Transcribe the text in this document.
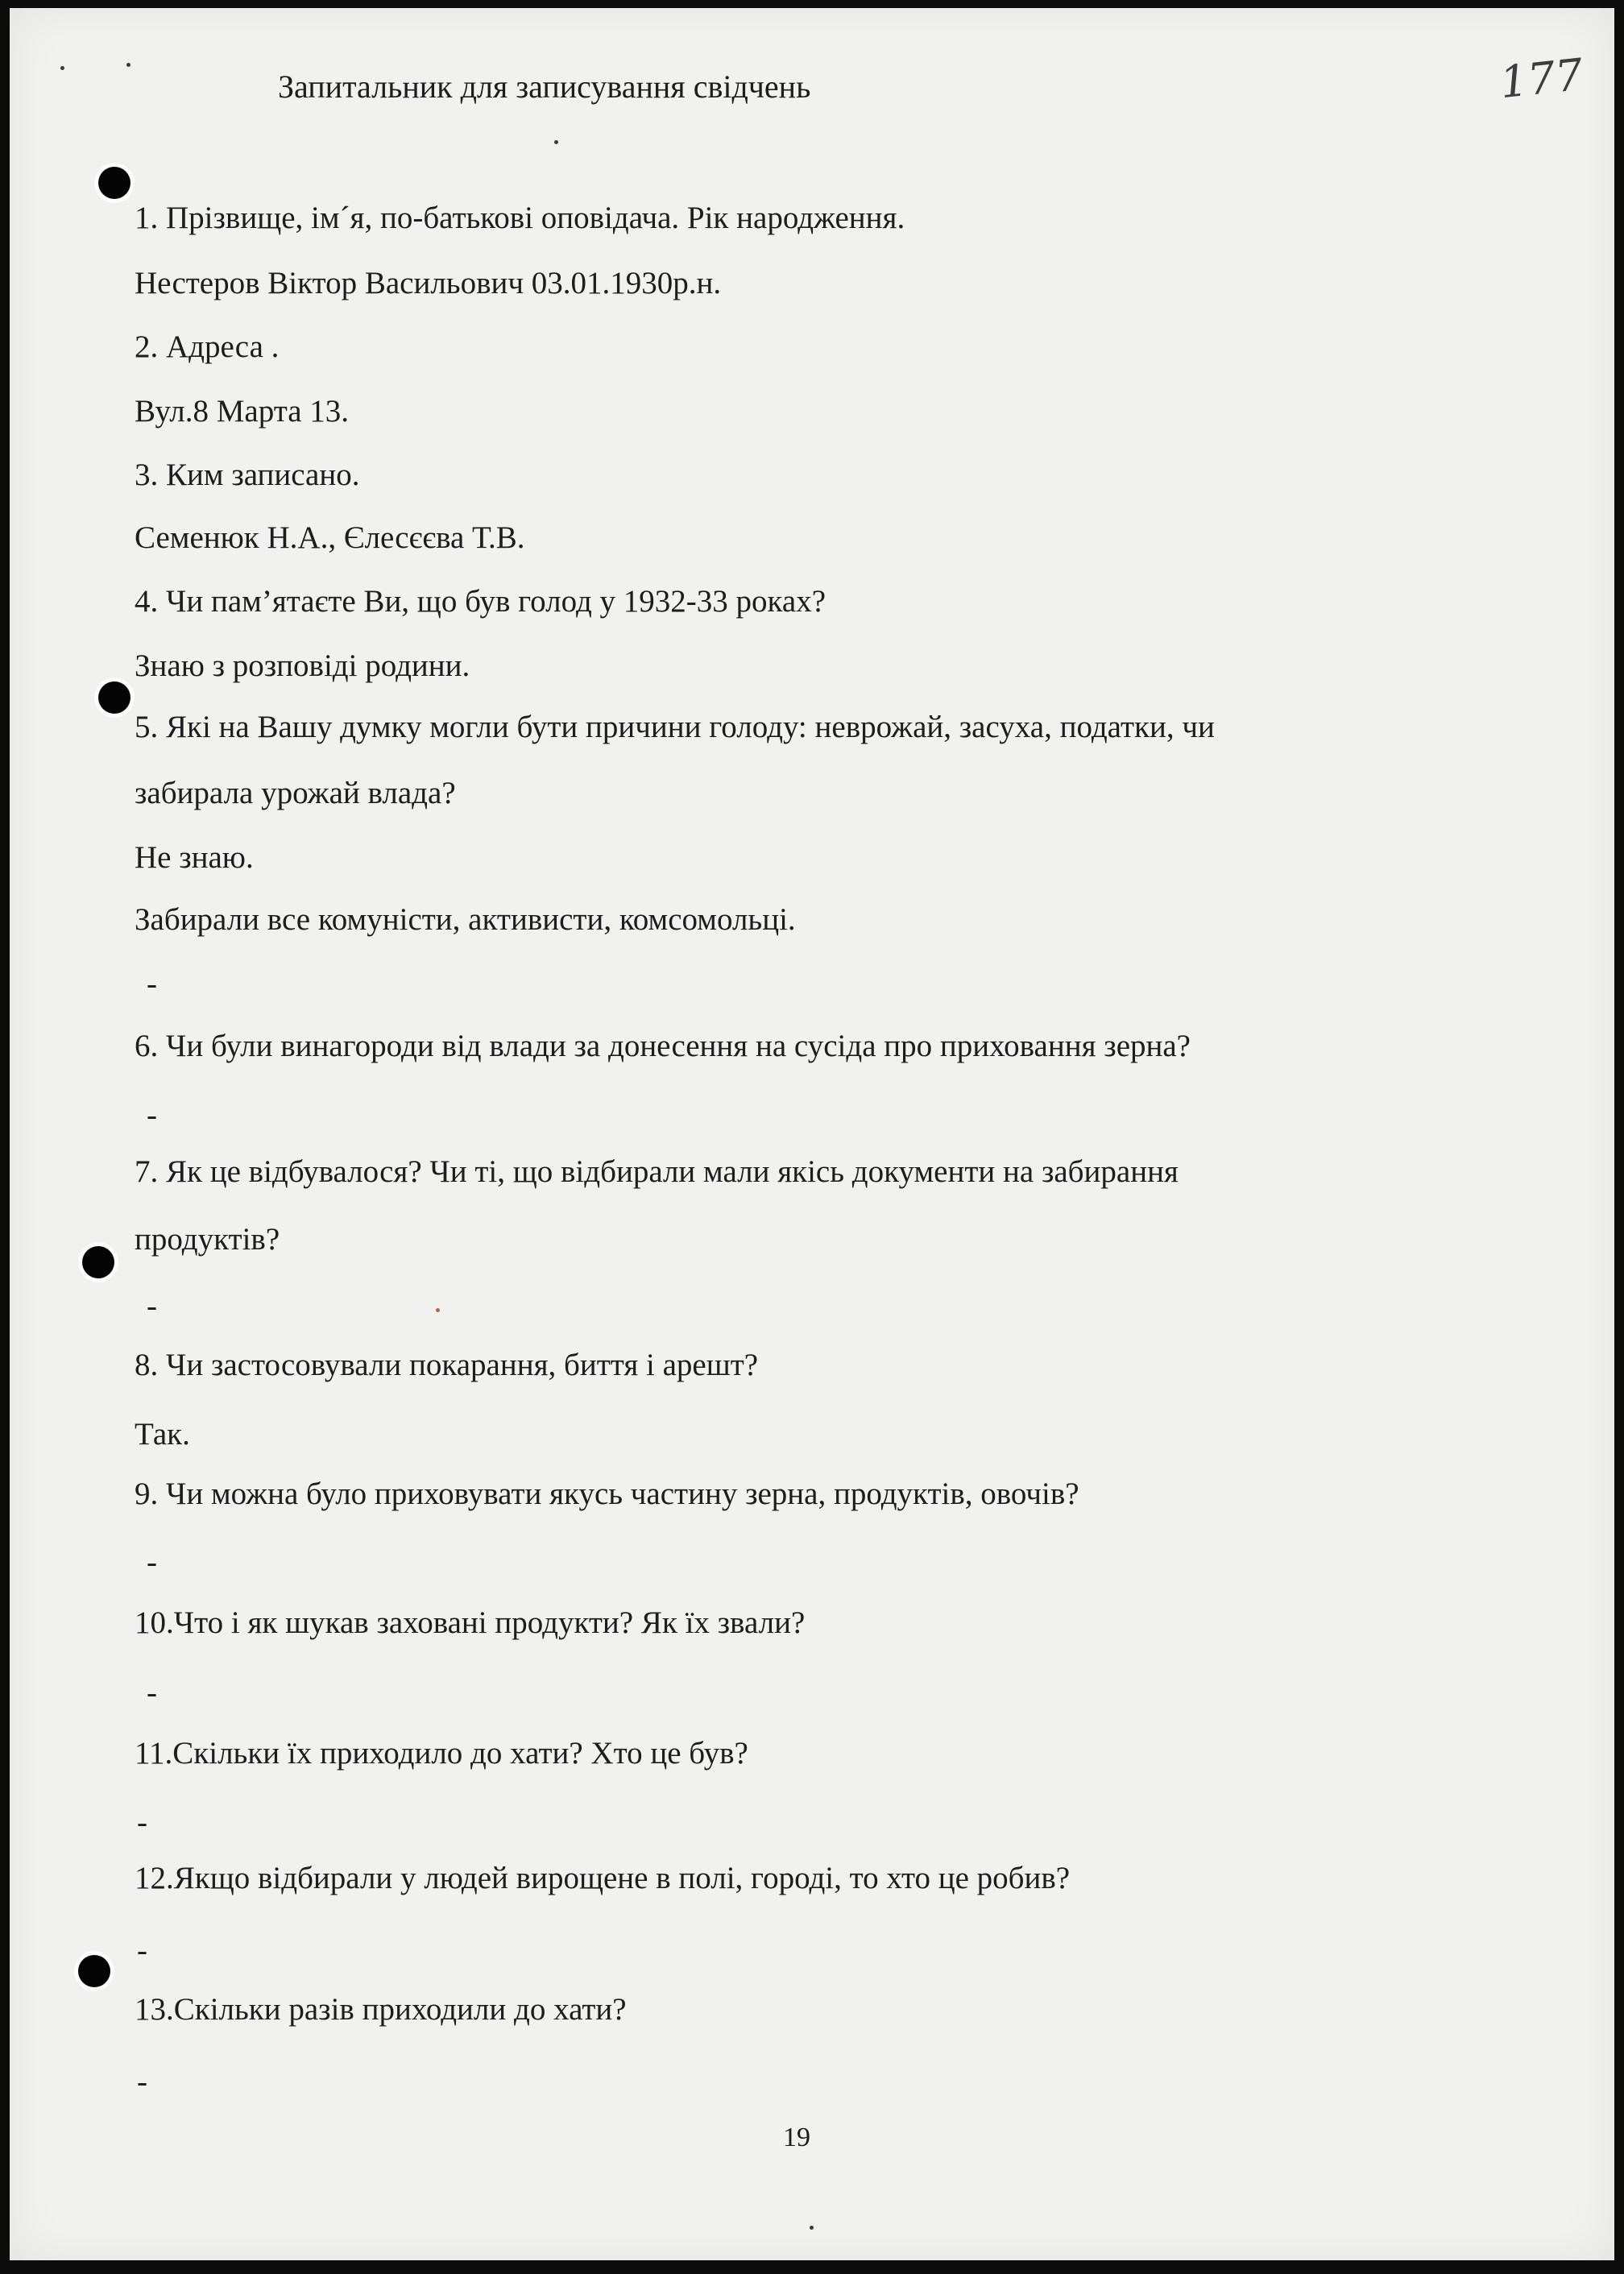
Запитальник для записування свідчень	177
1. Прізвище, ім´я, по-батькові оповідача. Рік народження.
Нестеров Віктор Васильович 03.01.1930р.н.
2. Адреса .
Вул.8 Марта 13.
3. Ким записано.
Семенюк Н.А., Єлесєєва Т.В.
4. Чи пам’ятаєте Ви, що був голод у 1932-33 роках?
Знаю з розповіді родини.
5. Які на Вашу думку могли бути причини голоду: неврожай, засуха, податки, чи
забирала урожай влада?
Не знаю.
Забирали все комуністи, активисти, комсомольці.
-
6. Чи були винагороди від влади за донесення на сусіда про приховання зерна?
-
7. Як це відбувалося? Чи ті, що відбирали мали якісь документи на забирання
продуктів?
-
8. Чи застосовували покарання, биття і арешт?
Так.
9. Чи можна було приховувати якусь частину зерна, продуктів, овочів?
-
10.Что і як шукав заховані продукти? Як їх звали?
-
11.Скільки їх приходило до хати? Хто це був?
-
12.Якщо відбирали у людей вирощене в полі, городі, то хто це робив?
-
13.Скільки разів приходили до хати?
-
19
